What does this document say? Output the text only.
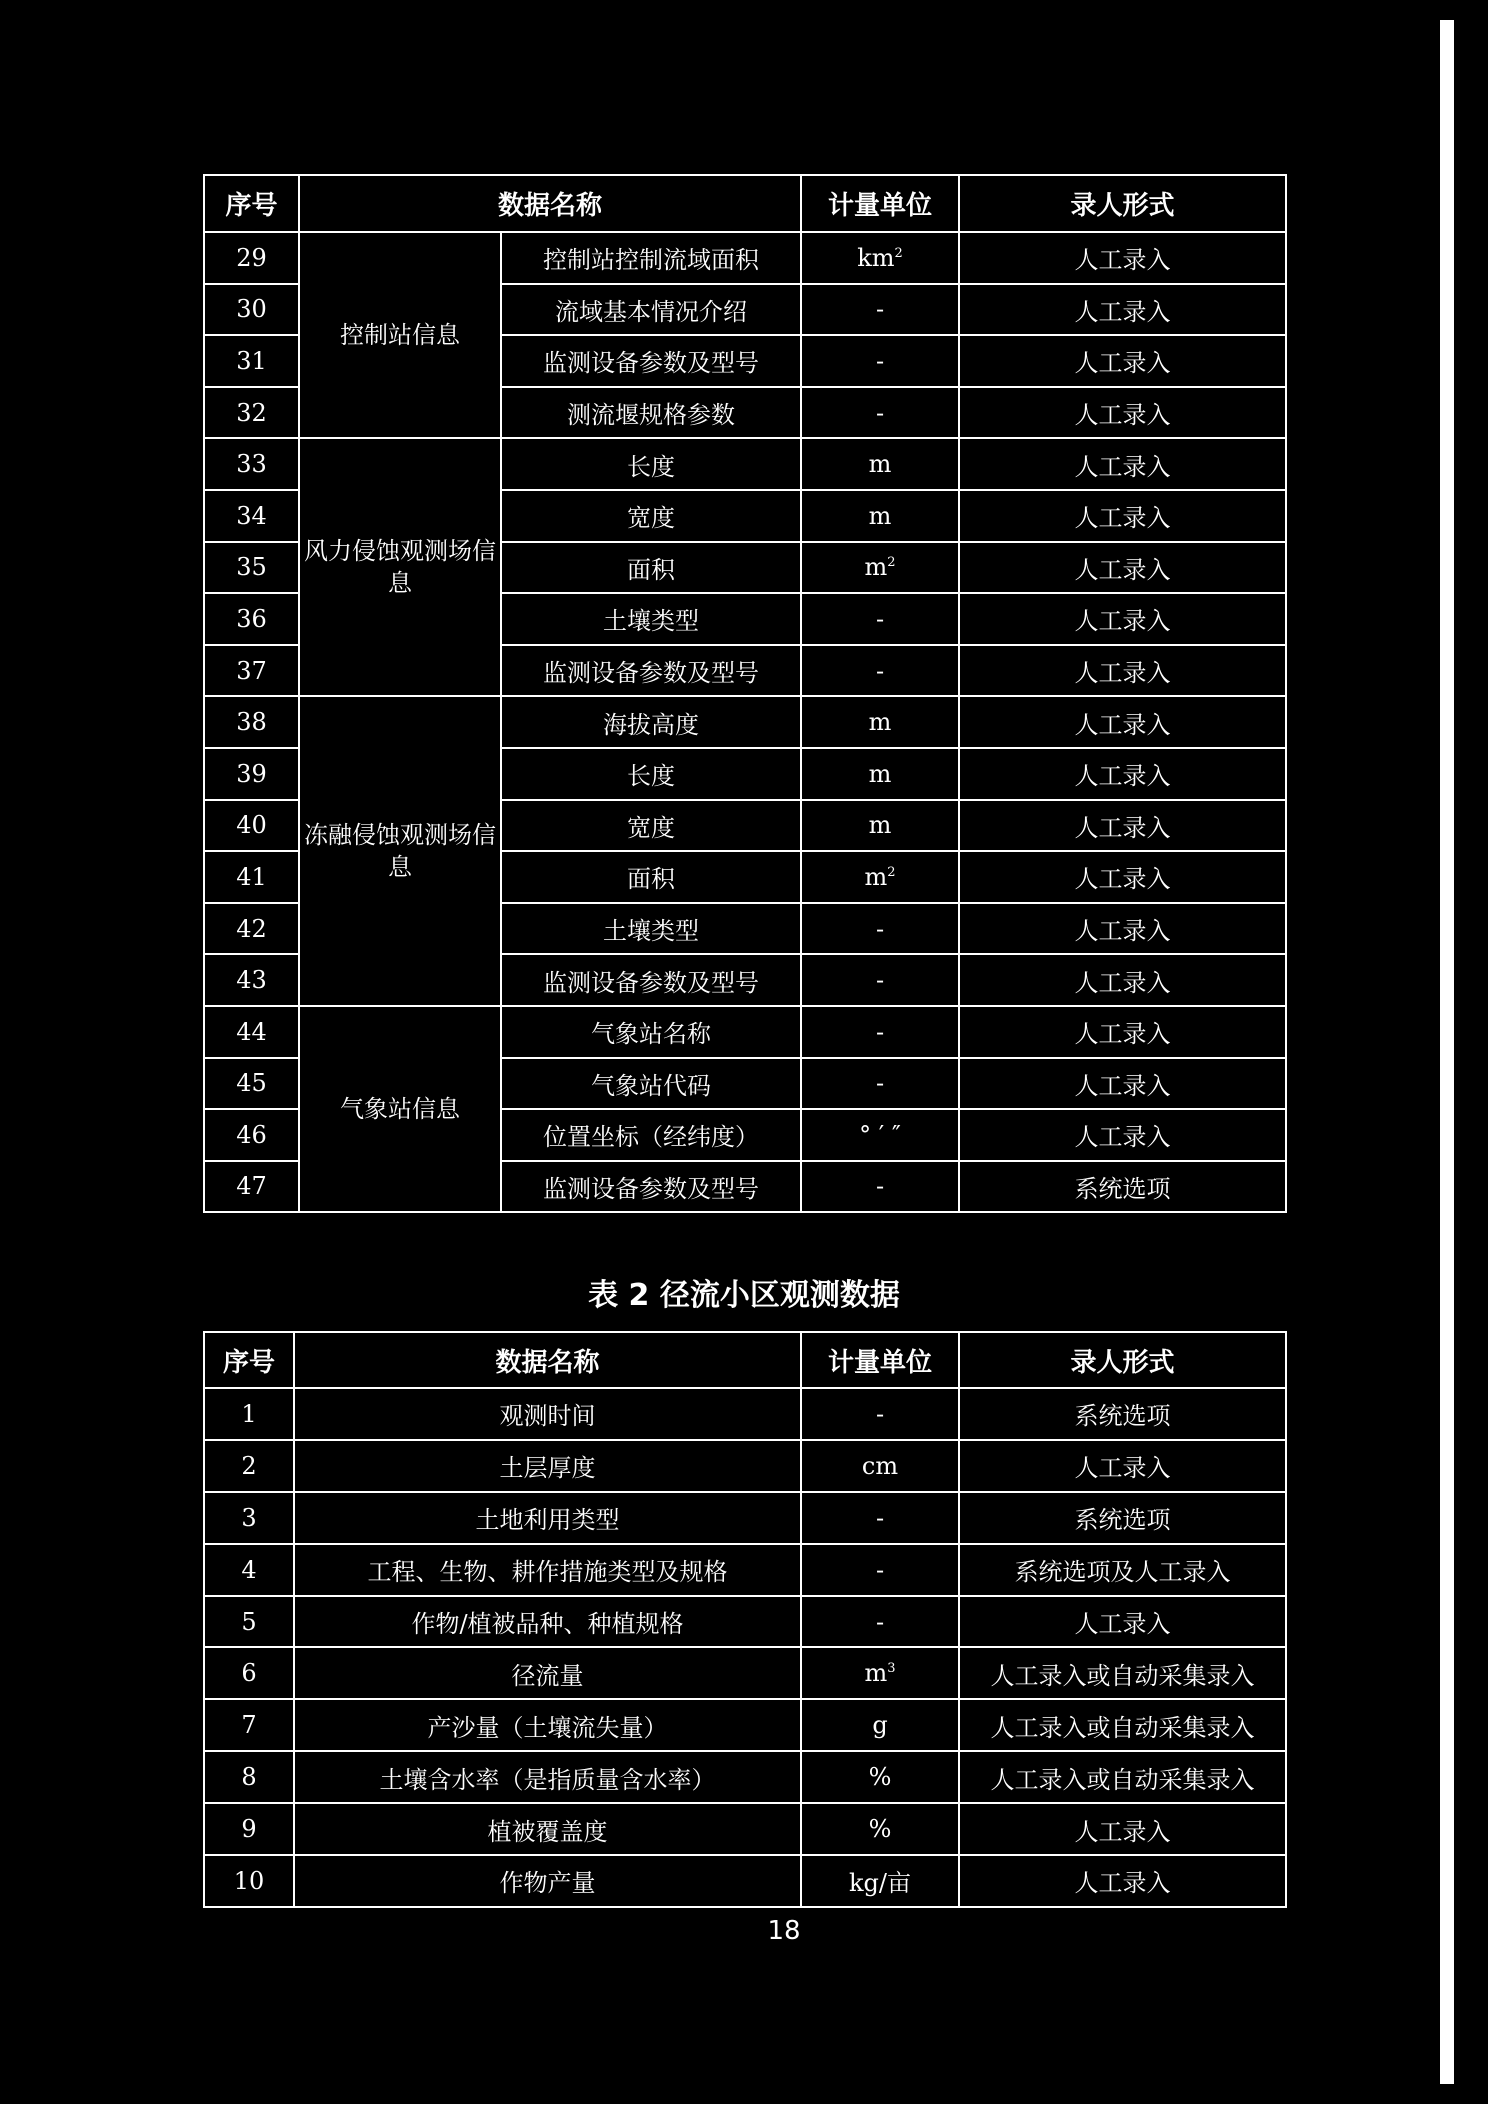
序号	数据名称		计量单位	录人形式
29	控制站信息	控制站控制流域面积	$km^2$	人工录入
30		流域基本情况介绍	-	人工录入
31		监测设备参数及型号	-	人工录入
32		测流堰规格参数	-	人工录入
33	风力侵蚀观测场信息	长度	m	人工录入
34		宽度	m	人工录入
35		面积	$m^2$	人工录入
36		土壤类型	-	人工录入
37		监测设备参数及型号	-	人工录入
38	冻融侵蚀观测场信息	海拔高度	m	人工录入
39		长度	m	人工录入
40		宽度	m	人工录入
41		面积	$m^2$	人工录入
42		土壤类型	-	人工录入
43		监测设备参数及型号	-	人工录入
44	气象站信息	气象站名称	-	人工录入
45		气象站代码	-	人工录入
46		位置坐标（经纬度）	° ′ ″	人工录入
47		监测设备参数及型号	-	系统选项
表 2 径流小区观测数据
序号	数据名称	计量单位	录人形式
1	观测时间	-	系统选项
2	土层厚度	cm	人工录入
3	土地利用类型	-	系统选项
4	工程、生物、耕作措施类型及规格	-	系统选项及人工录入
5	作物/植被品种、种植规格	-	人工录入
6	径流量	$m^3$	人工录入或自动采集录入
7	产沙量（土壤流失量）	g	人工录入或自动采集录入
8	土壤含水率（是指质量含水率）	%	人工录入或自动采集录入
9	植被覆盖度	%	人工录入
10	作物产量	kg/亩	人工录入
18
